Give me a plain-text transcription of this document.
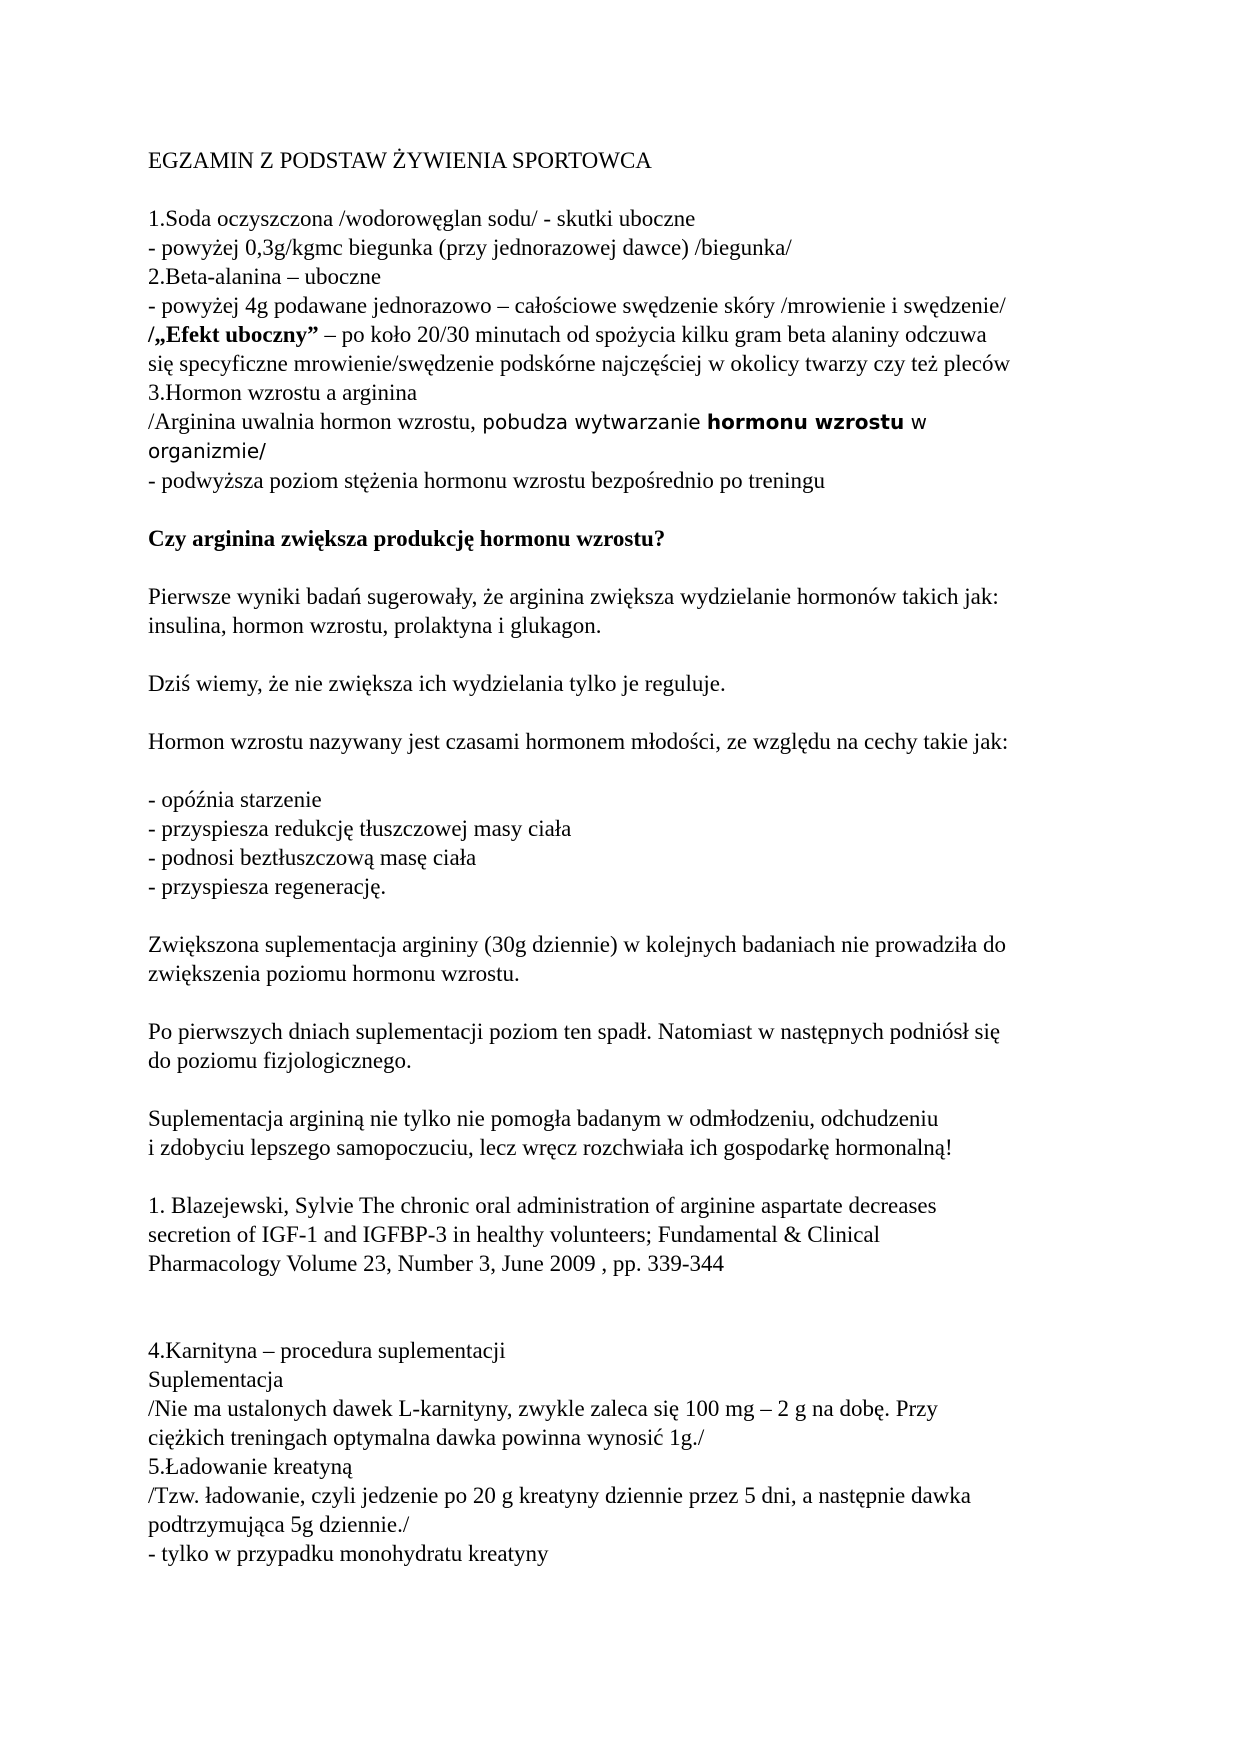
EGZAMIN Z PODSTAW ŻYWIENIA SPORTOWCA
1.Soda oczyszczona /wodorowęglan sodu/ - skutki uboczne
- powyżej 0,3g/kgmc biegunka (przy jednorazowej dawce) /biegunka/
2.Beta-alanina – uboczne
- powyżej 4g podawane jednorazowo – całościowe swędzenie skóry /mrowienie i swędzenie/
/„Efekt uboczny” – po koło 20/30 minutach od spożycia kilku gram beta alaniny odczuwa
się specyficzne mrowienie/swędzenie podskórne najczęściej w okolicy twarzy czy też pleców
3.Hormon wzrostu a arginina
/Arginina uwalnia hormon wzrostu, pobudza wytwarzanie hormonu wzrostu w
organizmie/
- podwyższa poziom stężenia hormonu wzrostu bezpośrednio po treningu
Czy arginina zwiększa produkcję hormonu wzrostu?
Pierwsze wyniki badań sugerowały, że arginina zwiększa wydzielanie hormonów takich jak:
insulina, hormon wzrostu, prolaktyna i glukagon.
Dziś wiemy, że nie zwiększa ich wydzielania tylko je reguluje.
Hormon wzrostu nazywany jest czasami hormonem młodości, ze względu na cechy takie jak:
- opóźnia starzenie
- przyspiesza redukcję tłuszczowej masy ciała
- podnosi beztłuszczową masę ciała
- przyspiesza regenerację.
Zwiększona suplementacja argininy (30g dziennie) w kolejnych badaniach nie prowadziła do
zwiększenia poziomu hormonu wzrostu.
Po pierwszych dniach suplementacji poziom ten spadł. Natomiast w następnych podniósł się
do poziomu fizjologicznego.
Suplementacja argininą nie tylko nie pomogła badanym w odmłodzeniu, odchudzeniu
i zdobyciu lepszego samopoczuciu, lecz wręcz rozchwiała ich gospodarkę hormonalną!
1. Blazejewski, Sylvie The chronic oral administration of arginine aspartate decreases
secretion of IGF-1 and IGFBP-3 in healthy volunteers; Fundamental & Clinical
Pharmacology Volume 23, Number 3, June 2009 , pp. 339-344
4.Karnityna – procedura suplementacji
Suplementacja
/Nie ma ustalonych dawek L-karnityny, zwykle zaleca się 100 mg – 2 g na dobę. Przy
ciężkich treningach optymalna dawka powinna wynosić 1g./
5.Ładowanie kreatyną
/Tzw. ładowanie, czyli jedzenie po 20 g kreatyny dziennie przez 5 dni, a następnie dawka
podtrzymująca 5g dziennie./
- tylko w przypadku monohydratu kreatyny
